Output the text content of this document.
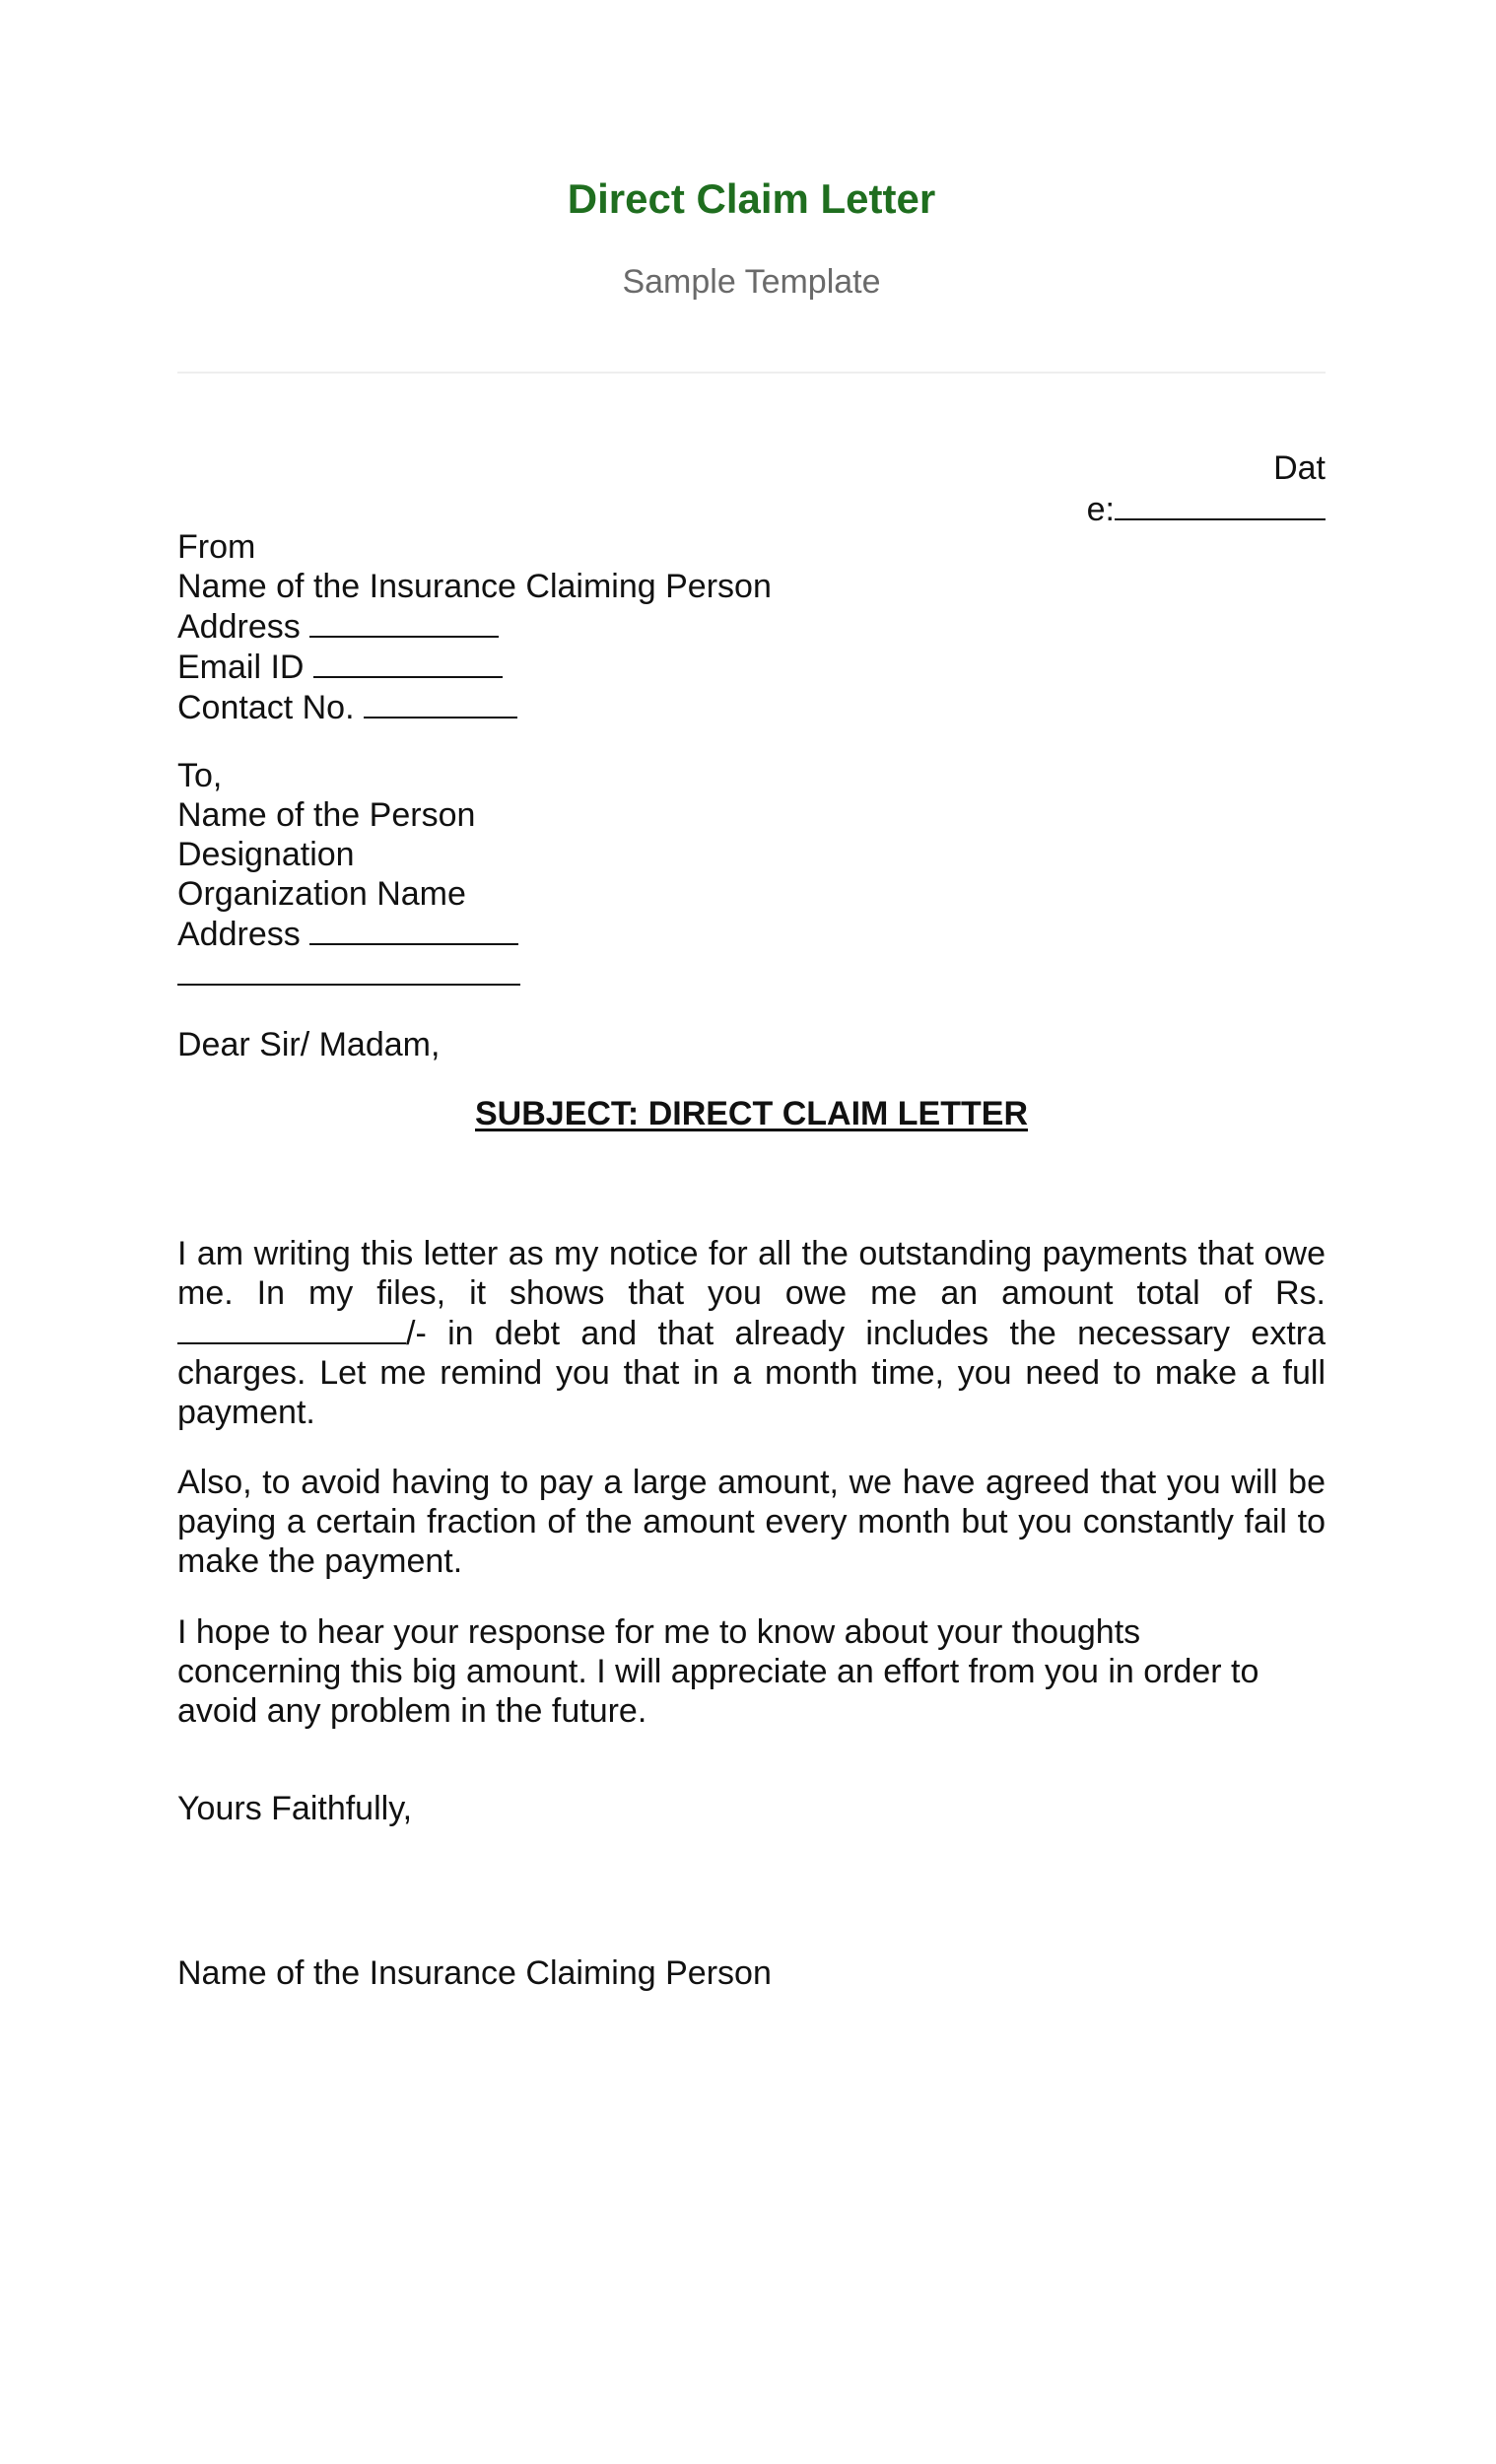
Direct Claim Letter
Sample Template
Dat
e:
From
Name of the Insurance Claiming Person
Address
Email ID
Contact No.
To,
Name of the Person
Designation
Organization Name
Address
Dear Sir/ Madam,
SUBJECT: DIRECT CLAIM LETTER
I am writing this letter as my notice for all the outstanding payments that owe me. In my files, it shows that you owe me an amount total of Rs. /- in debt and that already includes the necessary extra charges. Let me remind you that in a month time, you need to make a full payment.
Also, to avoid having to pay a large amount, we have agreed that you will be paying a certain fraction of the amount every month but you constantly fail to make the payment.
I hope to hear your response for me to know about your thoughts
concerning this big amount. I will appreciate an effort from you in order to
avoid any problem in the future.
Yours Faithfully,
Name of the Insurance Claiming Person
